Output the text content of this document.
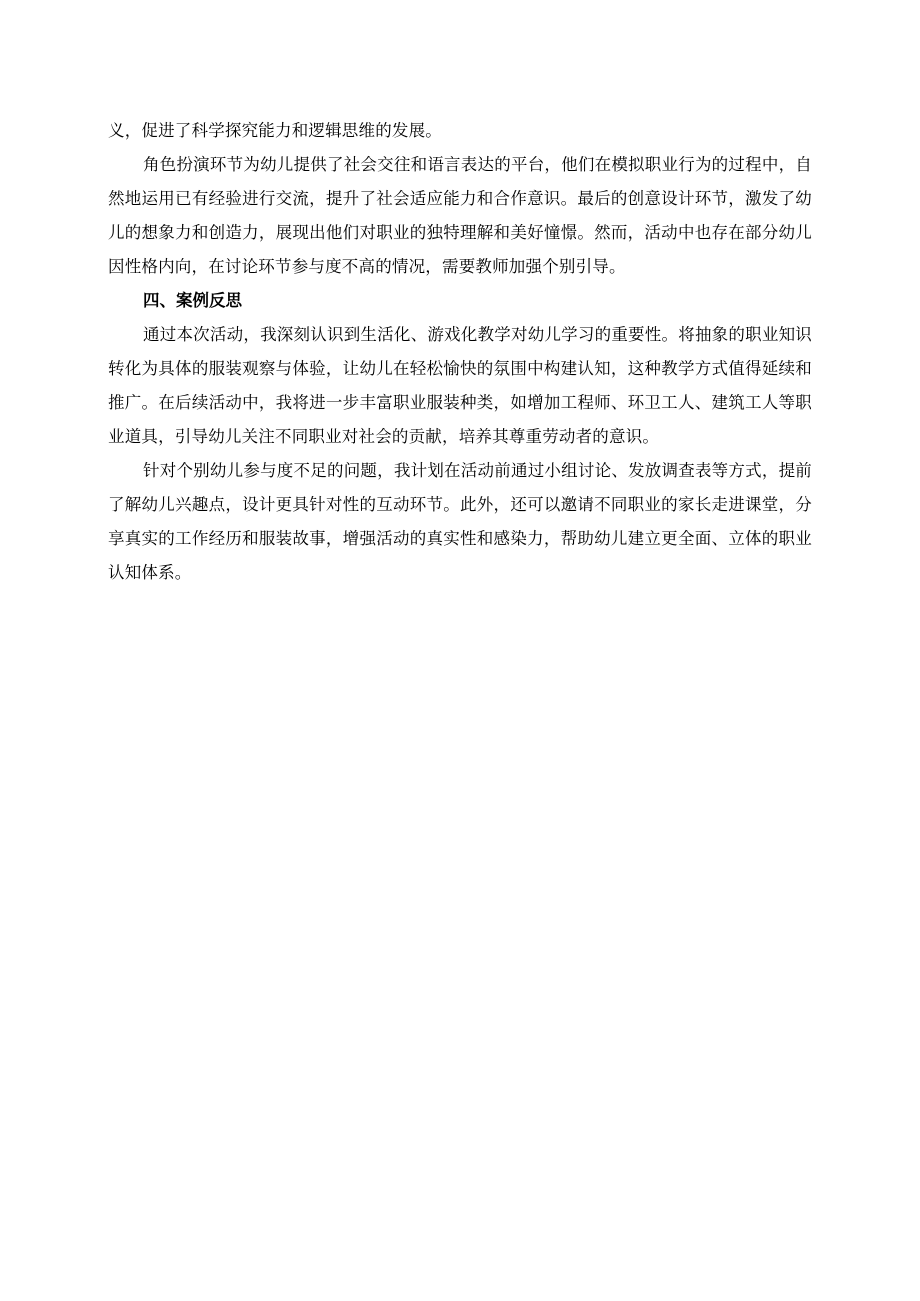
义，促进了科学探究能力和逻辑思维的发展。

角色扮演环节为幼儿提供了社会交往和语言表达的平台，他们在模拟职业行为的过程中，自然地运用已有经验进行交流，提升了社会适应能力和合作意识。最后的创意设计环节，激发了幼儿的想象力和创造力，展现出他们对职业的独特理解和美好憧憬。然而，活动中也存在部分幼儿因性格内向，在讨论环节参与度不高的情况，需要教师加强个别引导。

四、案例反思

通过本次活动，我深刻认识到生活化、游戏化教学对幼儿学习的重要性。将抽象的职业知识转化为具体的服装观察与体验，让幼儿在轻松愉快的氛围中构建认知，这种教学方式值得延续和推广。在后续活动中，我将进一步丰富职业服装种类，如增加工程师、环卫工人、建筑工人等职业道具，引导幼儿关注不同职业对社会的贡献，培养其尊重劳动者的意识。

针对个别幼儿参与度不足的问题，我计划在活动前通过小组讨论、发放调查表等方式，提前了解幼儿兴趣点，设计更具针对性的互动环节。此外，还可以邀请不同职业的家长走进课堂，分享真实的工作经历和服装故事，增强活动的真实性和感染力，帮助幼儿建立更全面、立体的职业认知体系。
